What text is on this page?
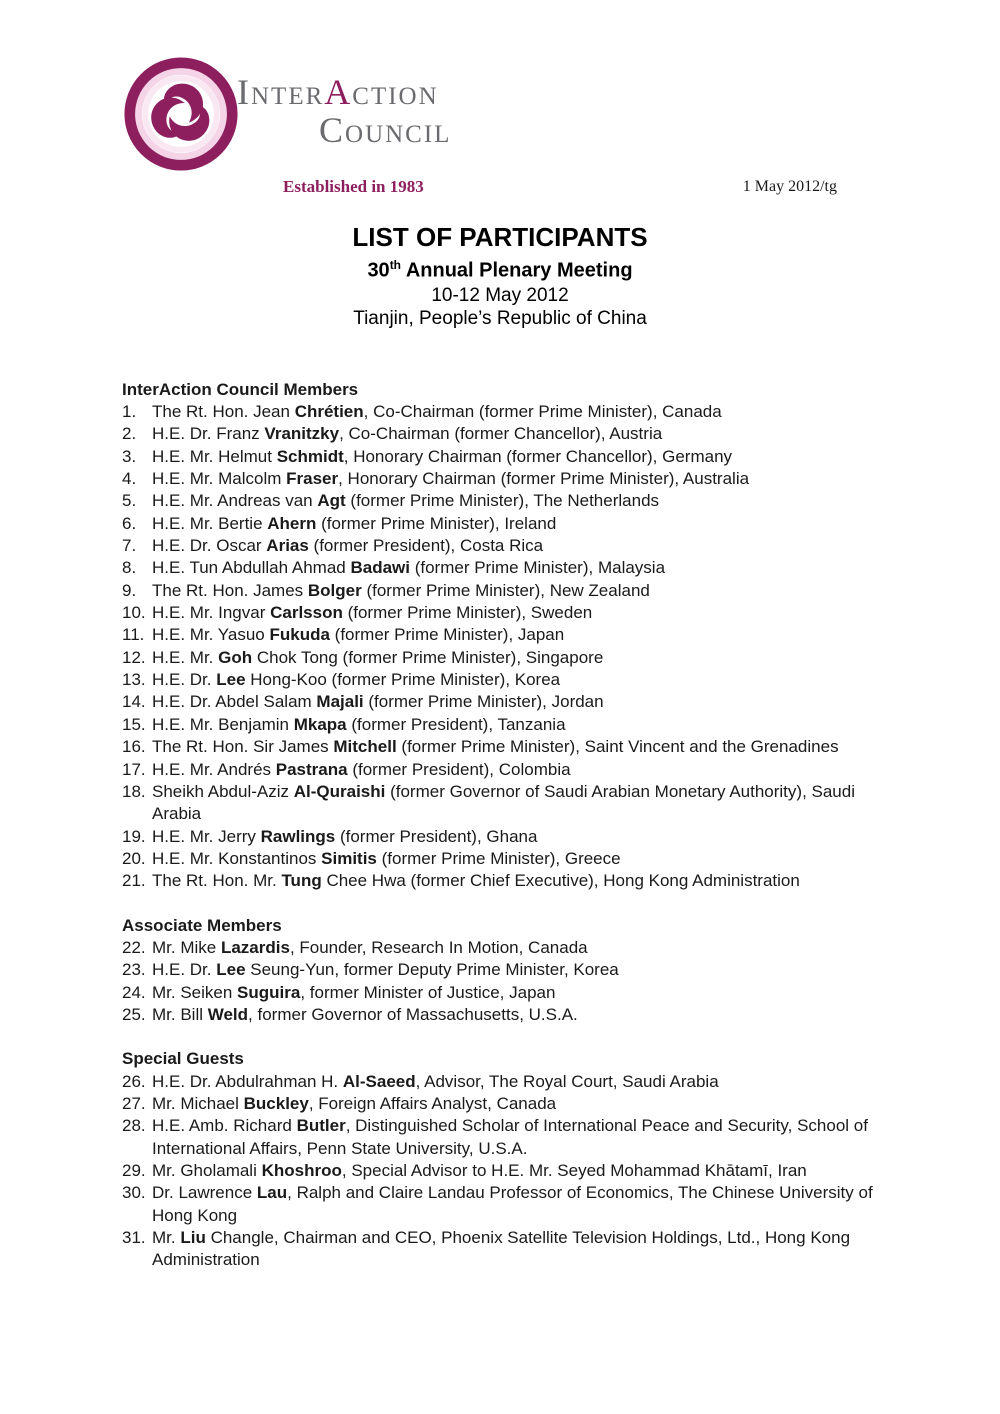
INTERACTION
COUNCIL
Established in 1983	1 May 2012/tg
LIST OF PARTICIPANTS
30th Annual Plenary Meeting
10-12 May 2012
Tianjin, People’s Republic of China
InterAction Council Members
1. The Rt. Hon. Jean Chrétien, Co-Chairman (former Prime Minister), Canada
2. H.E. Dr. Franz Vranitzky, Co-Chairman (former Chancellor), Austria
3. H.E. Mr. Helmut Schmidt, Honorary Chairman (former Chancellor), Germany
4. H.E. Mr. Malcolm Fraser, Honorary Chairman (former Prime Minister), Australia
5. H.E. Mr. Andreas van Agt (former Prime Minister), The Netherlands
6. H.E. Mr. Bertie Ahern (former Prime Minister), Ireland
7. H.E. Dr. Oscar Arias (former President), Costa Rica
8. H.E. Tun Abdullah Ahmad Badawi (former Prime Minister), Malaysia
9. The Rt. Hon. James Bolger (former Prime Minister), New Zealand
10. H.E. Mr. Ingvar Carlsson (former Prime Minister), Sweden
11. H.E. Mr. Yasuo Fukuda (former Prime Minister), Japan
12. H.E. Mr. Goh Chok Tong (former Prime Minister), Singapore
13. H.E. Dr. Lee Hong-Koo (former Prime Minister), Korea
14. H.E. Dr. Abdel Salam Majali (former Prime Minister), Jordan
15. H.E. Mr. Benjamin Mkapa (former President), Tanzania
16. The Rt. Hon. Sir James Mitchell (former Prime Minister), Saint Vincent and the Grenadines
17. H.E. Mr. Andrés Pastrana (former President), Colombia
18. Sheikh Abdul-Aziz Al-Quraishi (former Governor of Saudi Arabian Monetary Authority), Saudi Arabia
19. H.E. Mr. Jerry Rawlings (former President), Ghana
20. H.E. Mr. Konstantinos Simitis (former Prime Minister), Greece
21. The Rt. Hon. Mr. Tung Chee Hwa (former Chief Executive), Hong Kong Administration
Associate Members
22. Mr. Mike Lazardis, Founder, Research In Motion, Canada
23. H.E. Dr. Lee Seung-Yun, former Deputy Prime Minister, Korea
24. Mr. Seiken Suguira, former Minister of Justice, Japan
25. Mr. Bill Weld, former Governor of Massachusetts, U.S.A.
Special Guests
26. H.E. Dr. Abdulrahman H. Al-Saeed, Advisor, The Royal Court, Saudi Arabia
27. Mr. Michael Buckley, Foreign Affairs Analyst, Canada
28. H.E. Amb. Richard Butler, Distinguished Scholar of International Peace and Security, School of International Affairs, Penn State University, U.S.A.
29. Mr. Gholamali Khoshroo, Special Advisor to H.E. Mr. Seyed Mohammad Khātamī, Iran
30. Dr. Lawrence Lau, Ralph and Claire Landau Professor of Economics, The Chinese University of Hong Kong
31. Mr. Liu Changle, Chairman and CEO, Phoenix Satellite Television Holdings, Ltd., Hong Kong Administration
